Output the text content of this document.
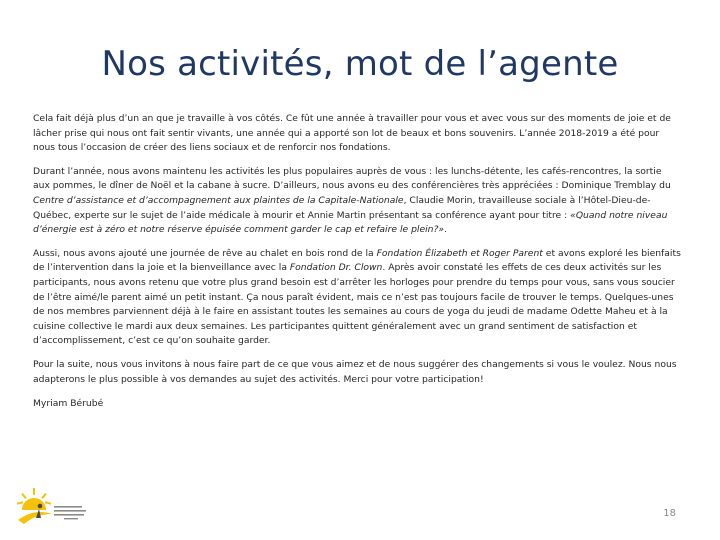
Nos activités, mot de l’agente

Cela fait déjà plus d’un an que je travaille à vos côtés. Ce fût une année à travailler pour vous et avec vous sur des moments de joie et de lâcher prise qui nous ont fait sentir vivants, une année qui a apporté son lot de beaux et bons souvenirs. L’année 2018-2019 a été pour nous tous l’occasion de créer des liens sociaux et de renforcir nos fondations.

Durant l’année, nous avons maintenu les activités les plus populaires auprès de vous : les lunchs-détente, les cafés-rencontres, la sortie aux pommes, le dîner de Noël et la cabane à sucre. D’ailleurs, nous avons eu des conférencières très appréciées : Dominique Tremblay du Centre d’assistance et d’accompagnement aux plaintes de la Capitale-Nationale, Claudie Morin, travailleuse sociale à l’Hôtel-Dieu-de-Québec, experte sur le sujet de l’aide médicale à mourir et Annie Martin présentant sa conférence ayant pour titre : «Quand notre niveau d’énergie est à zéro et notre réserve épuisée comment garder le cap et refaire le plein?».

Aussi, nous avons ajouté une journée de rêve au chalet en bois rond de la Fondation Élizabeth et Roger Parent et avons exploré les bienfaits de l’intervention dans la joie et la bienveillance avec la Fondation Dr. Clown. Après avoir constaté les effets de ces deux activités sur les participants, nous avons retenu que votre plus grand besoin est d’arrêter les horloges pour prendre du temps pour vous, sans vous soucier de l’être aimé/le parent aimé un petit instant. Ça nous paraît évident, mais ce n’est pas toujours facile de trouver le temps. Quelques-unes de nos membres parviennent déjà à le faire en assistant toutes les semaines au cours de yoga du jeudi de madame Odette Maheu et à la cuisine collective le mardi aux deux semaines. Les participantes quittent généralement avec un grand sentiment de satisfaction et d’accomplissement, c’est ce qu’on souhaite garder.

Pour la suite, nous vous invitons à nous faire part de ce que vous aimez et de nous suggérer des changements si vous le voulez. Nous nous adapterons le plus possible à vos demandes au sujet des activités. Merci pour votre participation!

Myriam Bérubé

18
